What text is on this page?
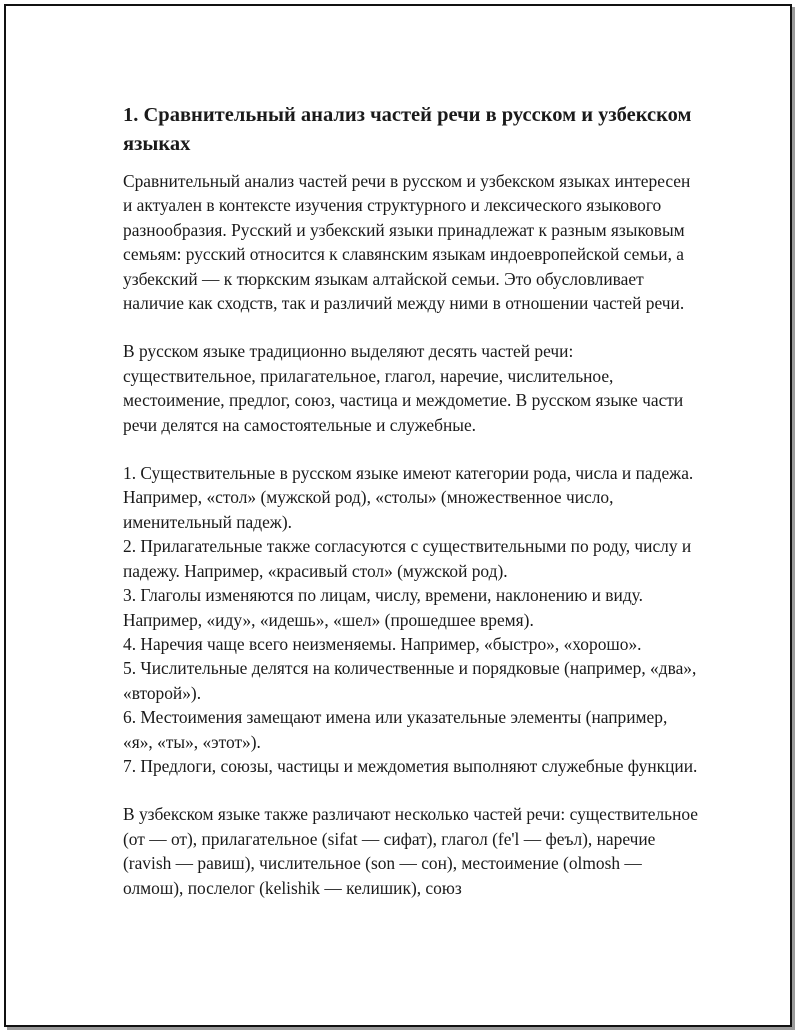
1. Сравнительный анализ частей речи в русском и узбекском языках

Сравнительный анализ частей речи в русском и узбекском языках интересен и актуален в контексте изучения структурного и лексического языкового разнообразия. Русский и узбекский языки принадлежат к разным языковым семьям: русский относится к славянским языкам индоевропейской семьи, а узбекский — к тюркским языкам алтайской семьи. Это обусловливает наличие как сходств, так и различий между ними в отношении частей речи.

В русском языке традиционно выделяют десять частей речи: существительное, прилагательное, глагол, наречие, числительное, местоимение, предлог, союз, частица и междометие. В русском языке части речи делятся на самостоятельные и служебные.

1. Существительные в русском языке имеют категории рода, числа и падежа. Например, «стол» (мужской род), «столы» (множественное число, именительный падеж).
2. Прилагательные также согласуются с существительными по роду, числу и падежу. Например, «красивый стол» (мужской род).
3. Глаголы изменяются по лицам, числу, времени, наклонению и виду. Например, «иду», «идешь», «шел» (прошедшее время).
4. Наречия чаще всего неизменяемы. Например, «быстро», «хорошо».
5. Числительные делятся на количественные и порядковые (например, «два», «второй»).
6. Местоимения замещают имена или указательные элементы (например, «я», «ты», «этот»).
7. Предлоги, союзы, частицы и междометия выполняют служебные функции.

В узбекском языке также различают несколько частей речи: существительное (от — от), прилагательное (sifat — сифат), глагол (fe'l — феъл), наречие (ravish — равиш), числительное (son — сон), местоимение (olmosh — олмош), послелог (kelishik — келишик), союз
